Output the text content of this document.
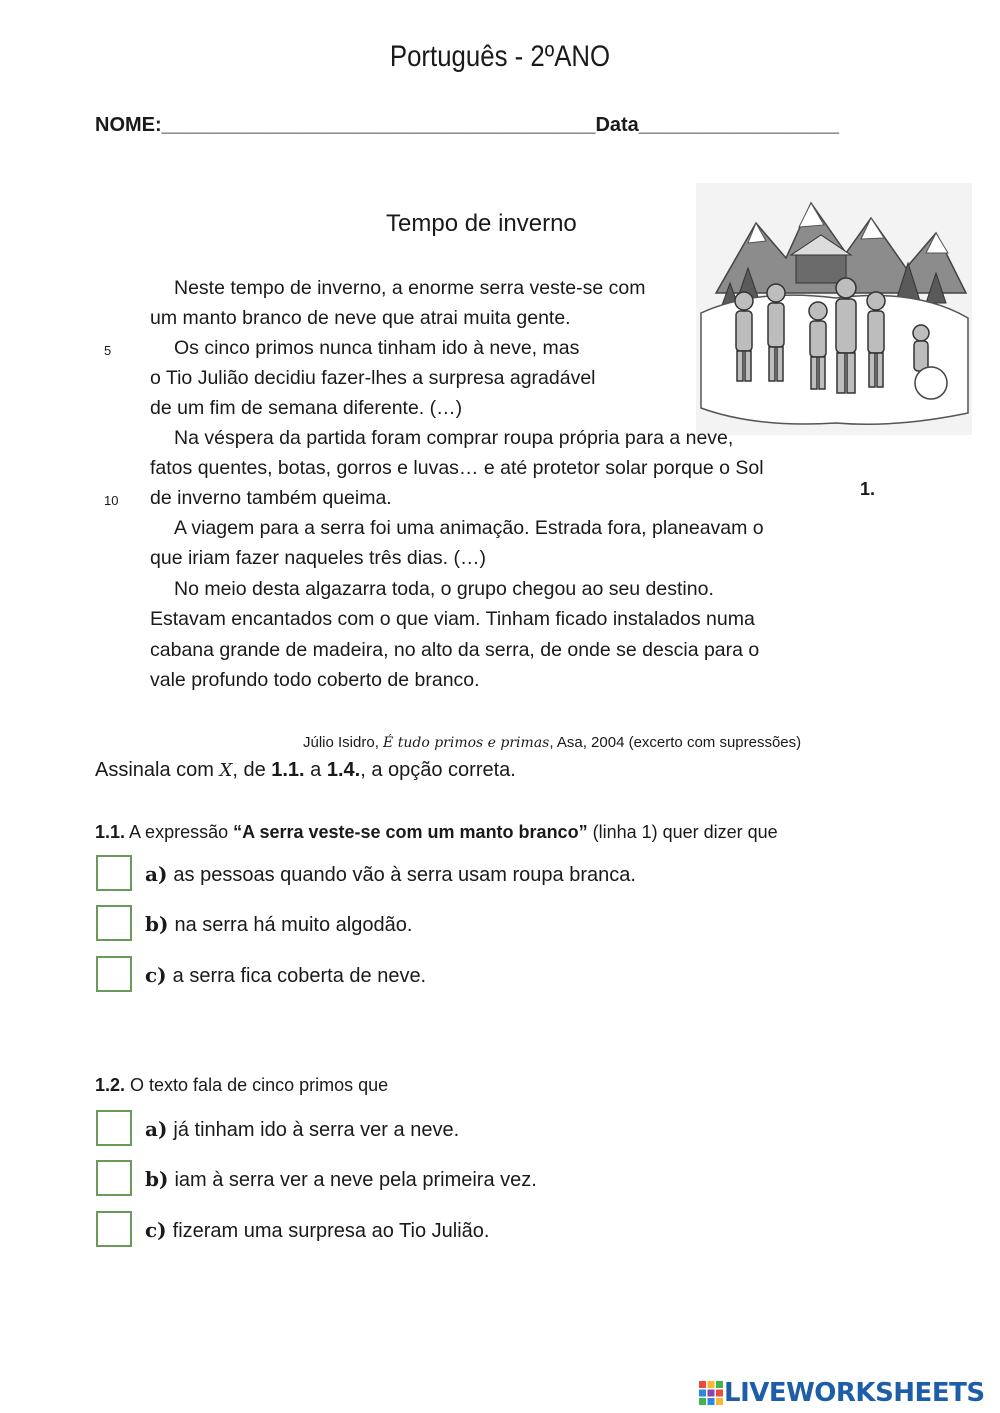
Português - 2ºANO
NOME:_______________________________________Data__________________
Tempo de inverno
Neste tempo de inverno, a enorme serra veste-se com
um manto branco de neve que atrai muita gente.
5	Os cinco primos nunca tinham ido à neve, mas
o Tio Julião decidiu fazer-lhes a surpresa agradável
de um fim de semana diferente. (…)
Na véspera da partida foram comprar roupa própria para a neve,
fatos quentes, botas, gorros e luvas… e até protetor solar porque o Sol
10 de inverno também queima.	1.
A viagem para a serra foi uma animação. Estrada fora, planeavam o
que iriam fazer naqueles três dias. (…)
No meio desta algazarra toda, o grupo chegou ao seu destino.
Estavam encantados com o que viam. Tinham ficado instalados numa
cabana grande de madeira, no alto da serra, de onde se descia para o
vale profundo todo coberto de branco.
Júlio Isidro, É tudo primos e primas, Asa, 2004 (excerto com supressões)
Assinala com X, de 1.1. a 1.4., a opção correta.
1.1. A expressão “A serra veste-se com um manto branco” (linha 1) quer dizer que
a) as pessoas quando vão à serra usam roupa branca.
b) na serra há muito algodão.
c) a serra fica coberta de neve.
1.2. O texto fala de cinco primos que
a) já tinham ido à serra ver a neve.
b) iam à serra ver a neve pela primeira vez.
c) fizeram uma surpresa ao Tio Julião.
LIVEWORKSHEETS
